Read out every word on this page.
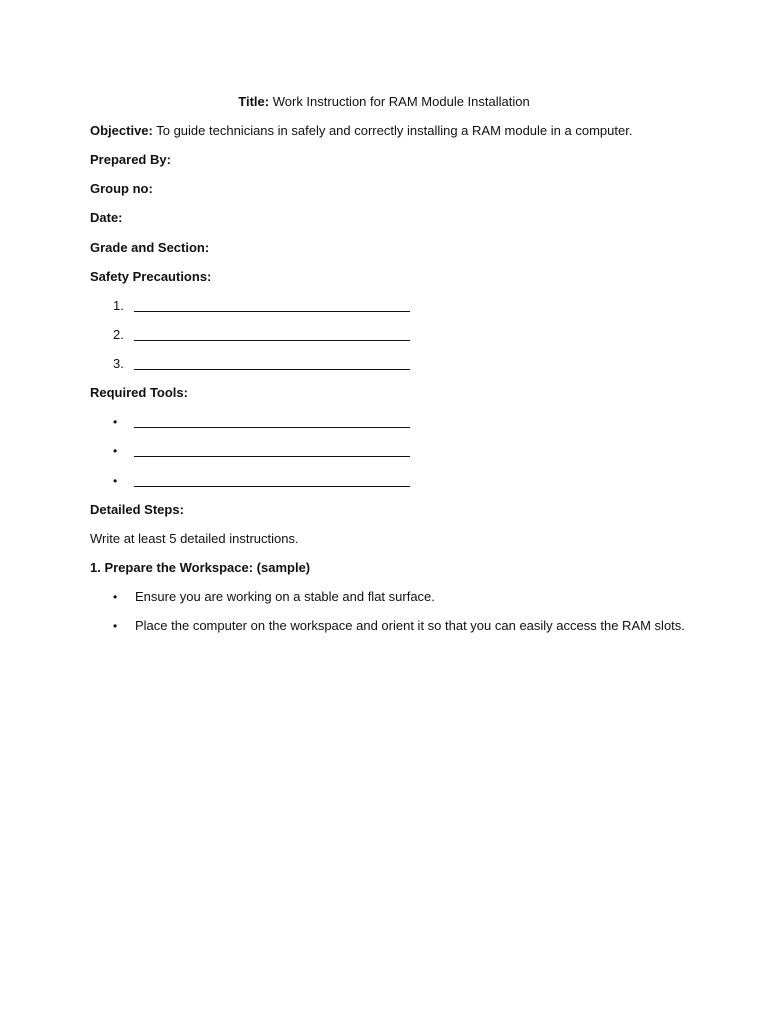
Title: Work Instruction for RAM Module Installation
Objective: To guide technicians in safely and correctly installing a RAM module in a computer.
Prepared By:
Group no:
Date:
Grade and Section:
Safety Precautions:
1.
2.
3.
Required Tools:
•
•
•
Detailed Steps:
Write at least 5 detailed instructions.
1. Prepare the Workspace: (sample)
• Ensure you are working on a stable and flat surface.
• Place the computer on the workspace and orient it so that you can easily access the RAM slots.
